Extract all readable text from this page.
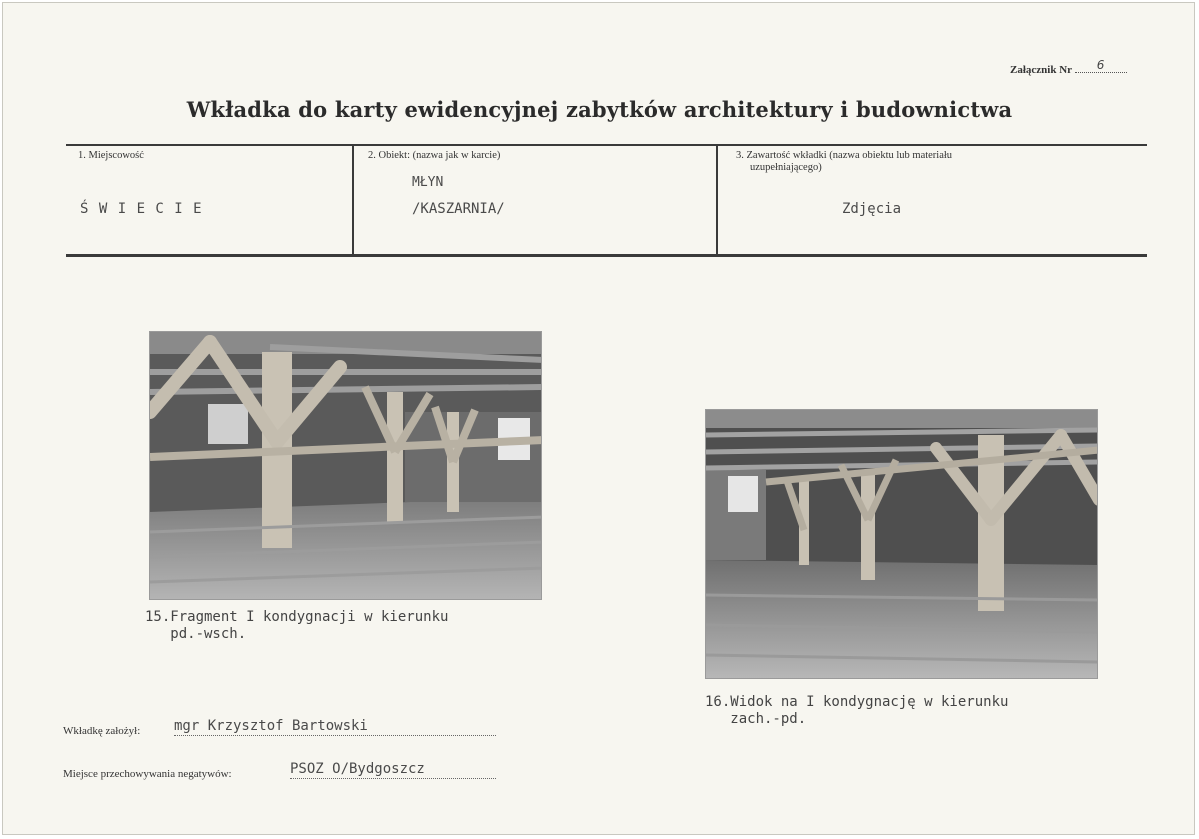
Załącznik Nr 6
Wkładka do karty ewidencyjnej zabytków architektury i budownictwa
1. Miejscowość
Ś W I E C I E
2. Obiekt: (nazwa jak w karcie)
MŁYN
/KASZARNIA/
3. Zawartość wkładki (nazwa obiektu lub materiału
uzupełniającego)
Zdjęcia
15.Fragment I kondygnacji w kierunku
pd.-wsch.
16.Widok na I kondygnację w kierunku
zach.-pd.
Wkładkę założył: mgr Krzysztof Bartowski
Miejsce przechowywania negatywów:	PSOZ O/Bydgoszcz
